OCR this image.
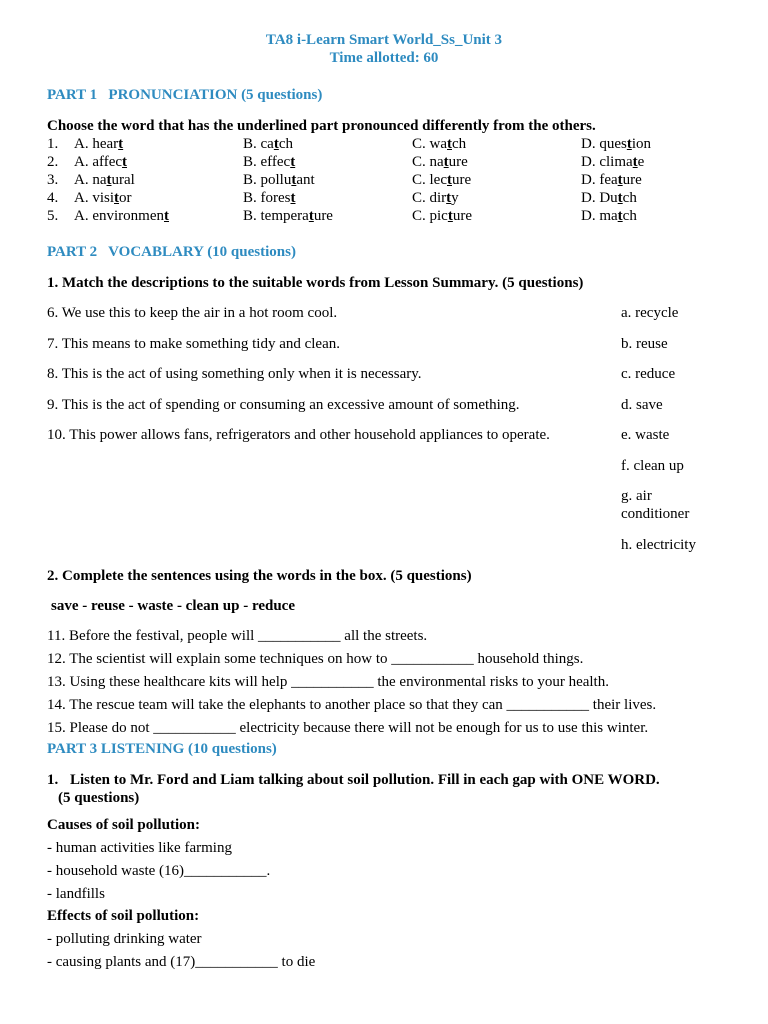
TA8 i-Learn Smart World_Ss_Unit 3
Time allotted: 60
PART 1   PRONUNCIATION (5 questions)
Choose the word that has the underlined part pronounced differently from the others.
1. A. heart	B. catch	C. watch	D. question
2. A. affect	B. effect	C. nature	D. climate
3. A. natural	B. pollutant	C. lecture	D. feature
4. A. visitor	B. forest	C. dirty	D. Dutch
5. A. environment	B. temperature	C. picture	D. match
PART 2   VOCABLARY (10 questions)
1. Match the descriptions to the suitable words from Lesson Summary. (5 questions)
6. We use this to keep the air in a hot room cool.
7. This means to make something tidy and clean.
8. This is the act of using something only when it is necessary.
9. This is the act of spending or consuming an excessive amount of something.
10. This power allows fans, refrigerators and other household appliances to operate.
a. recycle
b. reuse
c. reduce
d. save
e. waste
f. clean up
g. air
conditioner
h. electricity
2. Complete the sentences using the words in the box. (5 questions)
save - reuse - waste - clean up - reduce
11. Before the festival, people will ___________ all the streets.
12. The scientist will explain some techniques on how to ___________ household things.
13. Using these healthcare kits will help ___________ the environmental risks to your health.
14. The rescue team will take the elephants to another place so that they can ___________ their lives.
15. Please do not ___________ electricity because there will not be enough for us to use this winter.
PART 3 LISTENING (10 questions)
1. Listen to Mr. Ford and Liam talking about soil pollution. Fill in each gap with ONE WORD.
(5 questions)
Causes of soil pollution:
- human activities like farming
- household waste (16)___________.
- landfills
Effects of soil pollution:
- polluting drinking water
- causing plants and (17)___________ to die
